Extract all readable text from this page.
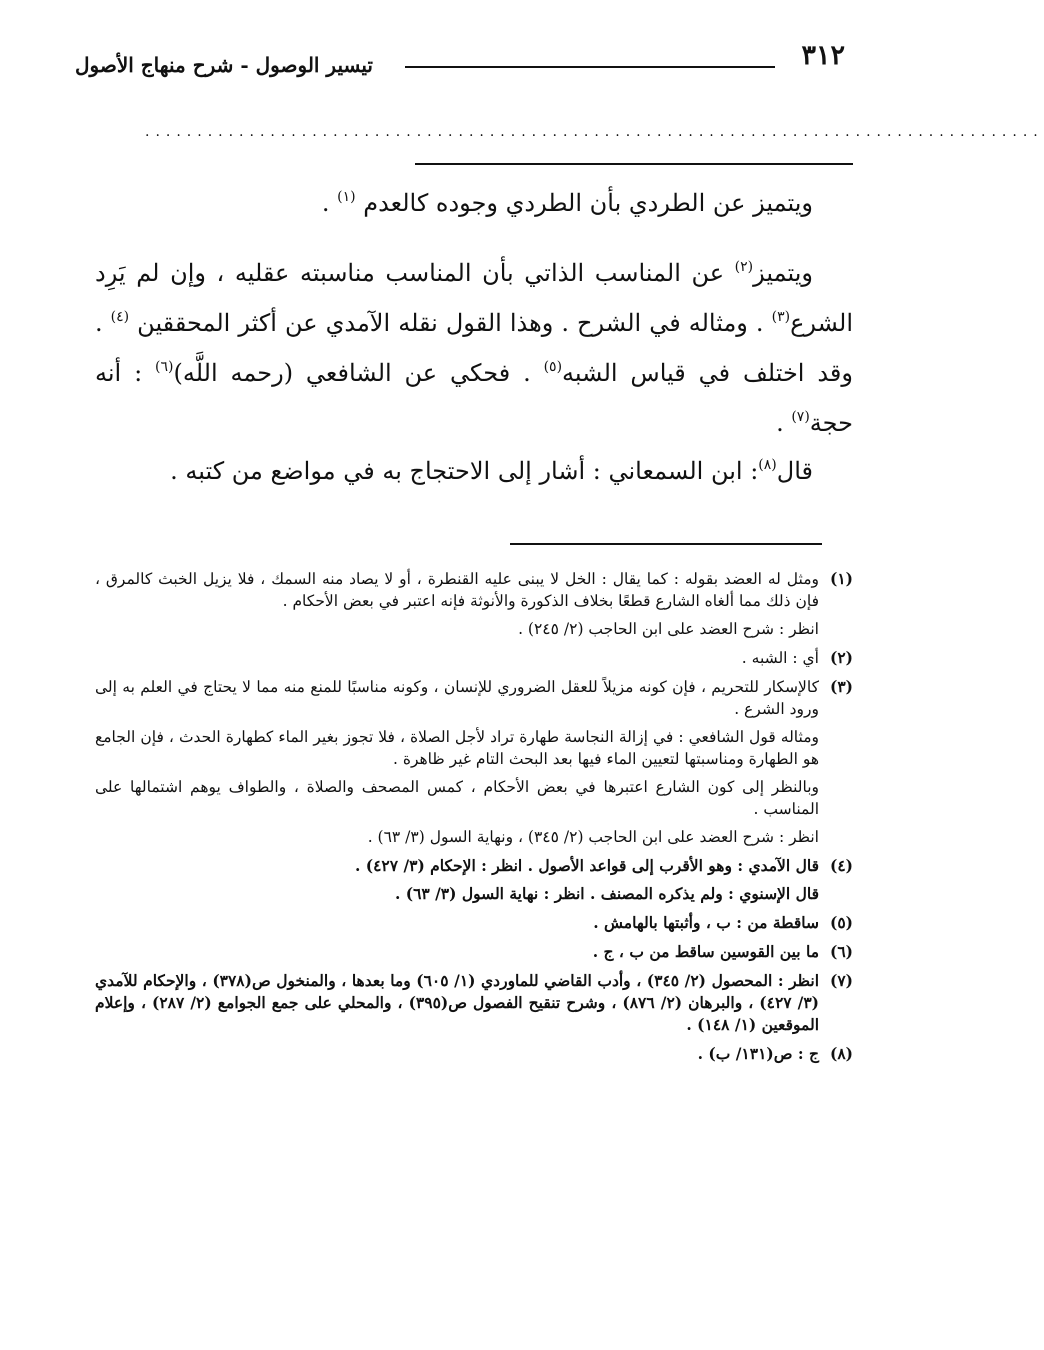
٣١٢
تيسير الوصول - شرح منهاج الأصول
......................................................................................

ويتميز عن الطردي بأن الطردي وجوده كالعدم $^{(١)}$ .

ويتميز$^{(٢)}$ عن المناسب الذاتي بأن المناسب مناسبته عقليه ، وإن لم يَرِد الشرع$^{(٣)}$ . ومثاله في الشرح . وهذا القول نقله الآمدي عن أكثر المحققين $^{(٤)}$ . وقد اختلف في قياس الشبه$^{(٥)}$ . فحكي عن الشافعي (رحمه اللَّه)$^{(٦)}$ : أنه حجة$^{(٧)}$ .

قال$^{(٨)}$: ابن السمعاني : أشار إلى الاحتجاج به في مواضع من كتبه .

(١)

ومثل له العضد بقوله : كما يقال : الخل لا يبنى عليه القنطرة ، أو لا يصاد منه السمك ، فلا يزيل الخبث كالمرق ، فإن ذلك مما ألغاه الشارع قطعًا بخلاف الذكورة والأنوثة فإنه اعتبر في بعض الأحكام .

انظر : شرح العضد على ابن الحاجب (٢/ ٢٤٥) .

(٢)

أي : الشبه .

(٣)

كالإسكار للتحريم ، فإن كونه مزيلاً للعقل الضروري للإنسان ، وكونه مناسبًا للمنع منه مما لا يحتاج في العلم به إلى ورود الشرع .

ومثاله قول الشافعي : في إزالة النجاسة طهارة تراد لأجل الصلاة ، فلا تجوز بغير الماء كطهارة الحدث ، فإن الجامع هو الطهارة ومناسبتها لتعيين الماء فيها بعد البحث التام غير ظاهرة .

وبالنظر إلى كون الشارع اعتبرها في بعض الأحكام ، كمس المصحف والصلاة ، والطواف يوهم اشتمالها على المناسب .

انظر : شرح العضد على ابن الحاجب (٢/ ٣٤٥) ، ونهاية السول (٣/ ٦٣) .

(٤)

قال الآمدي : وهو الأقرب إلى قواعد الأصول . انظر : الإحكام (٣/ ٤٢٧) .

قال الإسنوي : ولم يذكره المصنف . انظر : نهاية السول (٣/ ٦٣) .

(٥)

ساقطة من : ب ، وأثبتها بالهامش .

(٦)

ما بين القوسين ساقط من ب ، ج .

(٧)

انظر : المحصول (٢/ ٣٤٥) ، وأدب القاضي للماوردي (١/ ٦٠٥) وما بعدها ، والمنخول ص(٣٧٨) ، والإحكام للآمدي (٣/ ٤٢٧) ، والبرهان (٢/ ٨٧٦) ، وشرح تنقيح الفصول ص(٣٩٥) ، والمحلي على جمع الجوامع (٢/ ٢٨٧) ، وإعلام الموقعين (١/ ١٤٨) .

(٨)

ج : ص(١٣١/ ب) .
